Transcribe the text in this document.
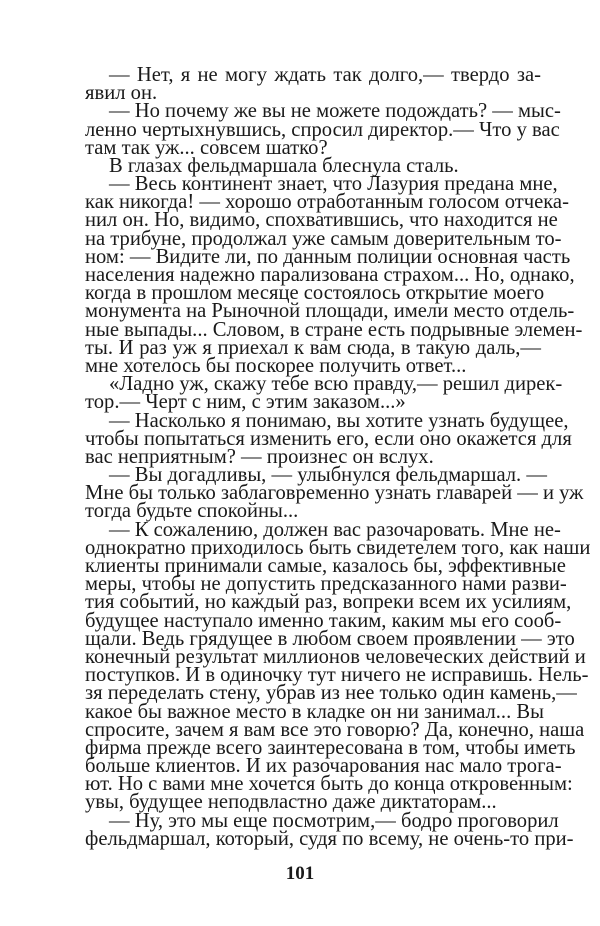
— Нет, я не могу ждать так долго,— твердо за-
явил он.
— Но почему же вы не можете подождать? — мыс-
ленно чертыхнувшись, спросил директор.— Что у вас
там так уж... совсем шатко?
В глазах фельдмаршала блеснула сталь.
— Весь континент знает, что Лазурия предана мне,
как никогда! — хорошо отработанным голосом отчека-
нил он. Но, видимо, спохватившись, что находится не
на трибуне, продолжал уже самым доверительным то-
ном: — Видите ли, по данным полиции основная часть
населения надежно парализована страхом... Но, однако,
когда в прошлом месяце состоялось открытие моего
монумента на Рыночной площади, имели место отдель-
ные выпады... Словом, в стране есть подрывные элемен-
ты. И раз уж я приехал к вам сюда, в такую даль,—
мне хотелось бы поскорее получить ответ...
«Ладно уж, скажу тебе всю правду,— решил дирек-
тор.— Черт с ним, с этим заказом...»
— Насколько я понимаю, вы хотите узнать будущее,
чтобы попытаться изменить его, если оно окажется для
вас неприятным? — произнес он вслух.
— Вы догадливы, — улыбнулся фельдмаршал. —
Мне бы только заблаговременно узнать главарей — и уж
тогда будьте спокойны...
— К сожалению, должен вас разочаровать. Мне не-
однократно приходилось быть свидетелем того, как наши
клиенты принимали самые, казалось бы, эффективные
меры, чтобы не допустить предсказанного нами разви-
тия событий, но каждый раз, вопреки всем их усилиям,
будущее наступало именно таким, каким мы его сооб-
щали. Ведь грядущее в любом своем проявлении — это
конечный результат миллионов человеческих действий и
поступков. И в одиночку тут ничего не исправишь. Нель-
зя переделать стену, убрав из нее только один камень,—
какое бы важное место в кладке он ни занимал... Вы
спросите, зачем я вам все это говорю? Да, конечно, наша
фирма прежде всего заинтересована в том, чтобы иметь
больше клиентов. И их разочарования нас мало трога-
ют. Но с вами мне хочется быть до конца откровенным:
увы, будущее неподвластно даже диктаторам...
— Ну, это мы еще посмотрим,— бодро проговорил
фельдмаршал, который, судя по всему, не очень-то при-
101
